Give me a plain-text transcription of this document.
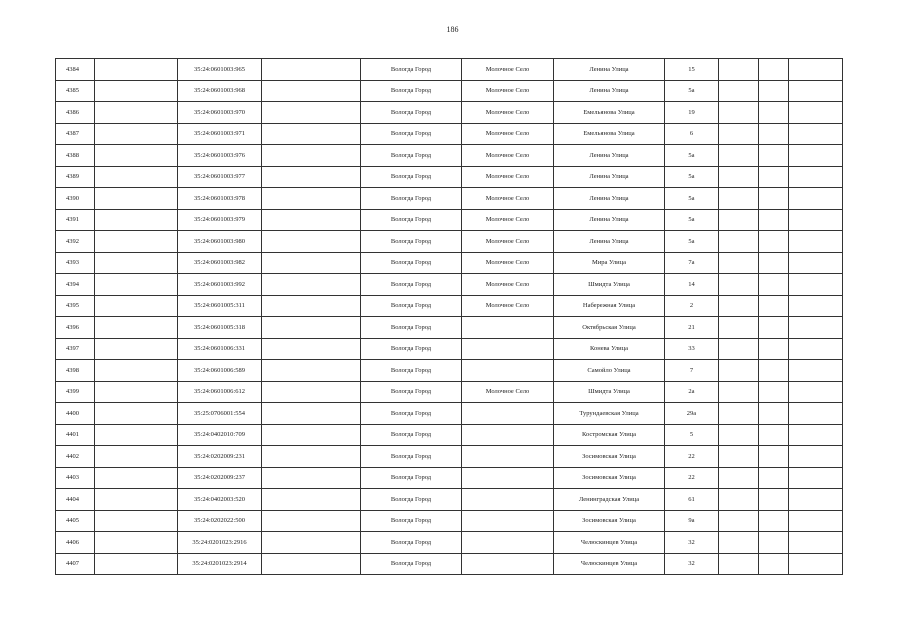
186
4384		35:24:0601003:965		Вологда Город	Молочное Село	Ленина Улица	15			
4385		35:24:0601003:968		Вологда Город	Молочное Село	Ленина Улица	5а			
4386		35:24:0601003:970		Вологда Город	Молочное Село	Емельянова Улица	19			
4387		35:24:0601003:971		Вологда Город	Молочное Село	Емельянова Улица	6			
4388		35:24:0601003:976		Вологда Город	Молочное Село	Ленина Улица	5а			
4389		35:24:0601003:977		Вологда Город	Молочное Село	Ленина Улица	5а			
4390		35:24:0601003:978		Вологда Город	Молочное Село	Ленина Улица	5а			
4391		35:24:0601003:979		Вологда Город	Молочное Село	Ленина Улица	5а			
4392		35:24:0601003:980		Вологда Город	Молочное Село	Ленина Улица	5а			
4393		35:24:0601003:982		Вологда Город	Молочное Село	Мира Улица	7а			
4394		35:24:0601003:992		Вологда Город	Молочное Село	Шмидта Улица	14			
4395		35:24:0601005:311		Вологда Город	Молочное Село	Набережная Улица	2			
4396		35:24:0601005:318		Вологда Город		Октябрьская Улица	21			
4397		35:24:0601006:331		Вологда Город		Конева Улица	33			
4398		35:24:0601006:589		Вологда Город		Самойло Улица	7			
4399		35:24:0601006:612		Вологда Город	Молочное Село	Шмидта Улица	2а			
4400		35:25:0706001:554		Вологда Город		Турундаевская Улица	29а			
4401		35:24:0402010:709		Вологда Город		Костромская Улица	5			
4402		35:24:0202009:231		Вологда Город		Зосимовская Улица	22			
4403		35:24:0202009:237		Вологда Город		Зосимовская Улица	22			
4404		35:24:0402003:520		Вологда Город		Ленинградская Улица	61			
4405		35:24:0202022:500		Вологда Город		Зосимовская Улица	9а			
4406		35:24:0201023:2916		Вологда Город		Челюскинцев Улица	32			
4407		35:24:0201023:2914		Вологда Город		Челюскинцев Улица	32			
